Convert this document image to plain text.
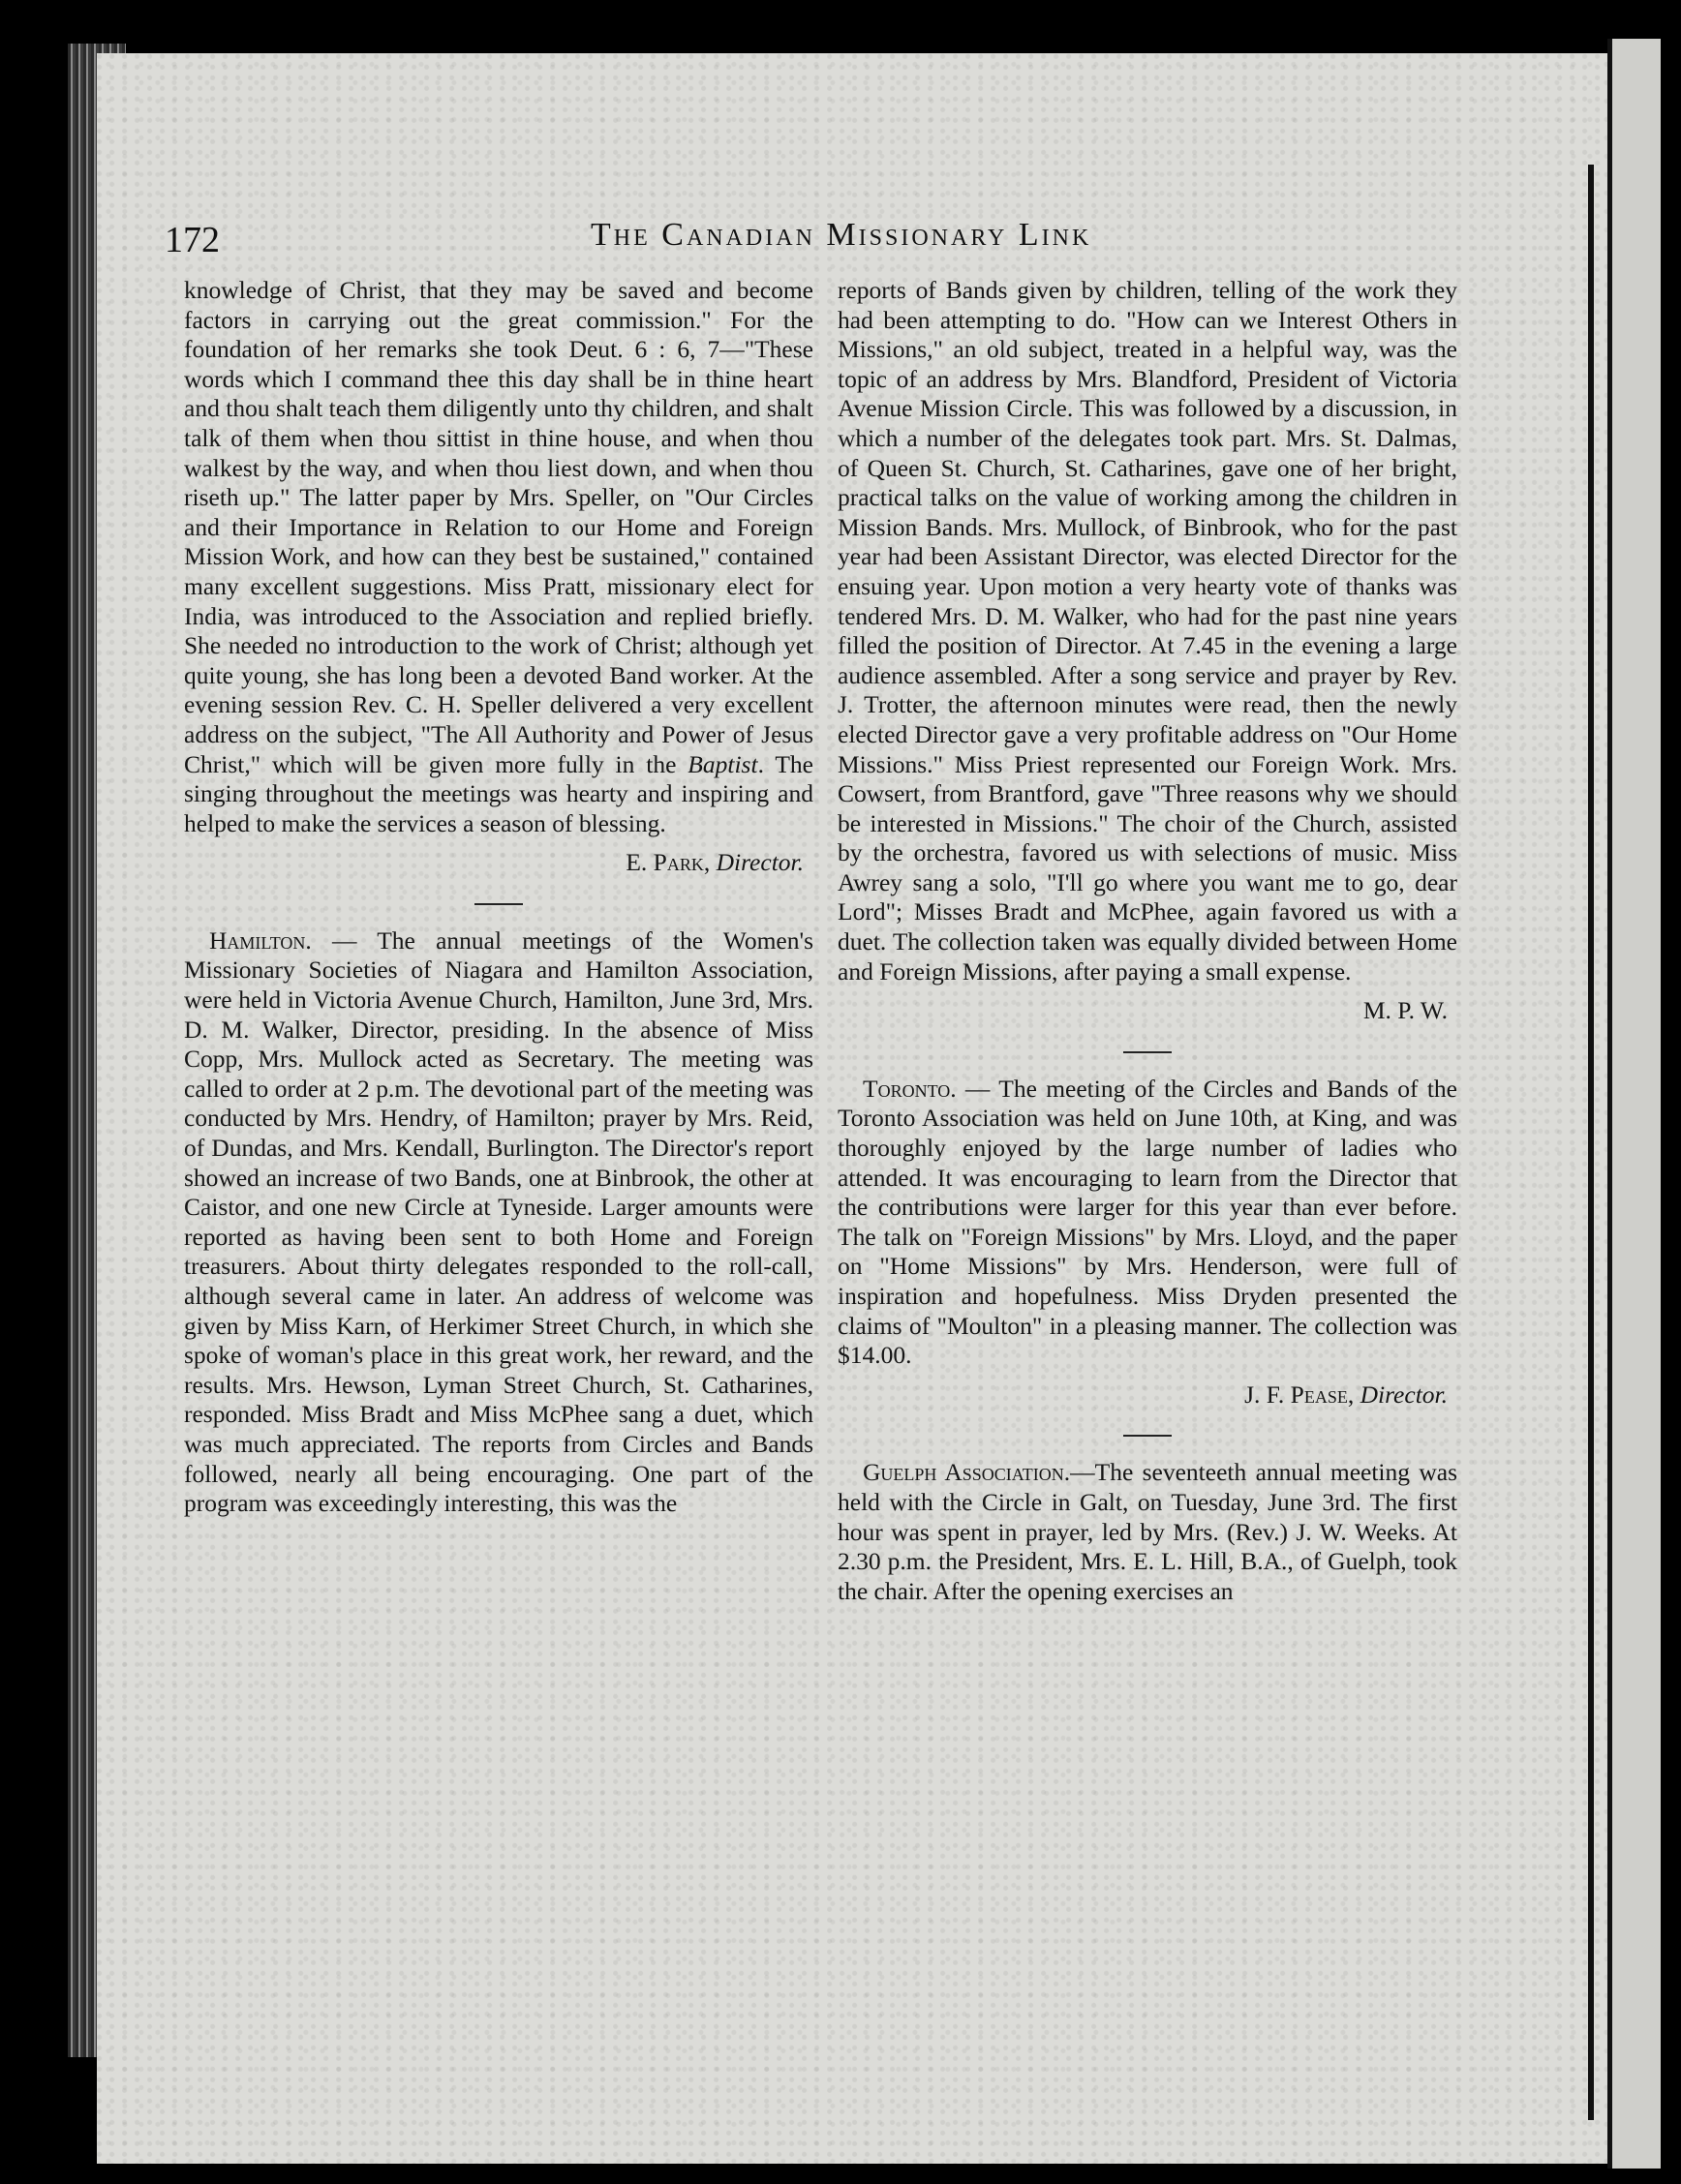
172	The Canadian Missionary Link

knowledge of Christ, that they may be saved and become factors in carrying out the great commission." For the foundation of her remarks she took Deut. 6 : 6, 7—"These words which I command thee this day shall be in thine heart and thou shalt teach them diligently unto thy children, and shalt talk of them when thou sittist in thine house, and when thou walkest by the way, and when thou liest down, and when thou riseth up." The latter paper by Mrs. Speller, on "Our Circles and their Importance in Relation to our Home and Foreign Mission Work, and how can they best be sustained," contained many excellent suggestions. Miss Pratt, missionary elect for India, was introduced to the Association and replied briefly. She needed no introduction to the work of Christ; although yet quite young, she has long been a devoted Band worker. At the evening session Rev. C. H. Speller delivered a very excellent address on the subject, "The All Authority and Power of Jesus Christ," which will be given more fully in the Baptist. The singing throughout the meetings was hearty and inspiring and helped to make the services a season of blessing.

E. Park, Director.

Hamilton. — The annual meetings of the Women's Missionary Societies of Niagara and Hamilton Association, were held in Victoria Avenue Church, Hamilton, June 3rd, Mrs. D. M. Walker, Director, presiding. In the absence of Miss Copp, Mrs. Mullock acted as Secretary. The meeting was called to order at 2 p.m. The devotional part of the meeting was conducted by Mrs. Hendry, of Hamilton; prayer by Mrs. Reid, of Dundas, and Mrs. Kendall, Burlington. The Director's report showed an increase of two Bands, one at Binbrook, the other at Caistor, and one new Circle at Tyneside. Larger amounts were reported as having been sent to both Home and Foreign treasurers. About thirty delegates responded to the roll-call, although several came in later. An address of welcome was given by Miss Karn, of Herkimer Street Church, in which she spoke of woman's place in this great work, her reward, and the results. Mrs. Hewson, Lyman Street Church, St. Catharines, responded. Miss Bradt and Miss McPhee sang a duet, which was much appreciated. The reports from Circles and Bands followed, nearly all being encouraging. One part of the program was exceedingly interesting, this was the

reports of Bands given by children, telling of the work they had been attempting to do. "How can we Interest Others in Missions," an old subject, treated in a helpful way, was the topic of an address by Mrs. Blandford, President of Victoria Avenue Mission Circle. This was followed by a discussion, in which a number of the delegates took part. Mrs. St. Dalmas, of Queen St. Church, St. Catharines, gave one of her bright, practical talks on the value of working among the children in Mission Bands. Mrs. Mullock, of Binbrook, who for the past year had been Assistant Director, was elected Director for the ensuing year. Upon motion a very hearty vote of thanks was tendered Mrs. D. M. Walker, who had for the past nine years filled the position of Director. At 7.45 in the evening a large audience assembled. After a song service and prayer by Rev. J. Trotter, the afternoon minutes were read, then the newly elected Director gave a very profitable address on "Our Home Missions." Miss Priest represented our Foreign Work. Mrs. Cowsert, from Brantford, gave "Three reasons why we should be interested in Missions." The choir of the Church, assisted by the orchestra, favored us with selections of music. Miss Awrey sang a solo, "I'll go where you want me to go, dear Lord"; Misses Bradt and McPhee, again favored us with a duet. The collection taken was equally divided between Home and Foreign Missions, after paying a small expense.

M. P. W.

Toronto. — The meeting of the Circles and Bands of the Toronto Association was held on June 10th, at King, and was thoroughly enjoyed by the large number of ladies who attended. It was encouraging to learn from the Director that the contributions were larger for this year than ever before. The talk on "Foreign Missions" by Mrs. Lloyd, and the paper on "Home Missions" by Mrs. Henderson, were full of inspiration and hopefulness. Miss Dryden presented the claims of "Moulton" in a pleasing manner. The collection was $14.00.

J. F. Pease, Director.

Guelph Association.—The seventeeth annual meeting was held with the Circle in Galt, on Tuesday, June 3rd. The first hour was spent in prayer, led by Mrs. (Rev.) J. W. Weeks. At 2.30 p.m. the President, Mrs. E. L. Hill, B.A., of Guelph, took the chair. After the opening exercises an
